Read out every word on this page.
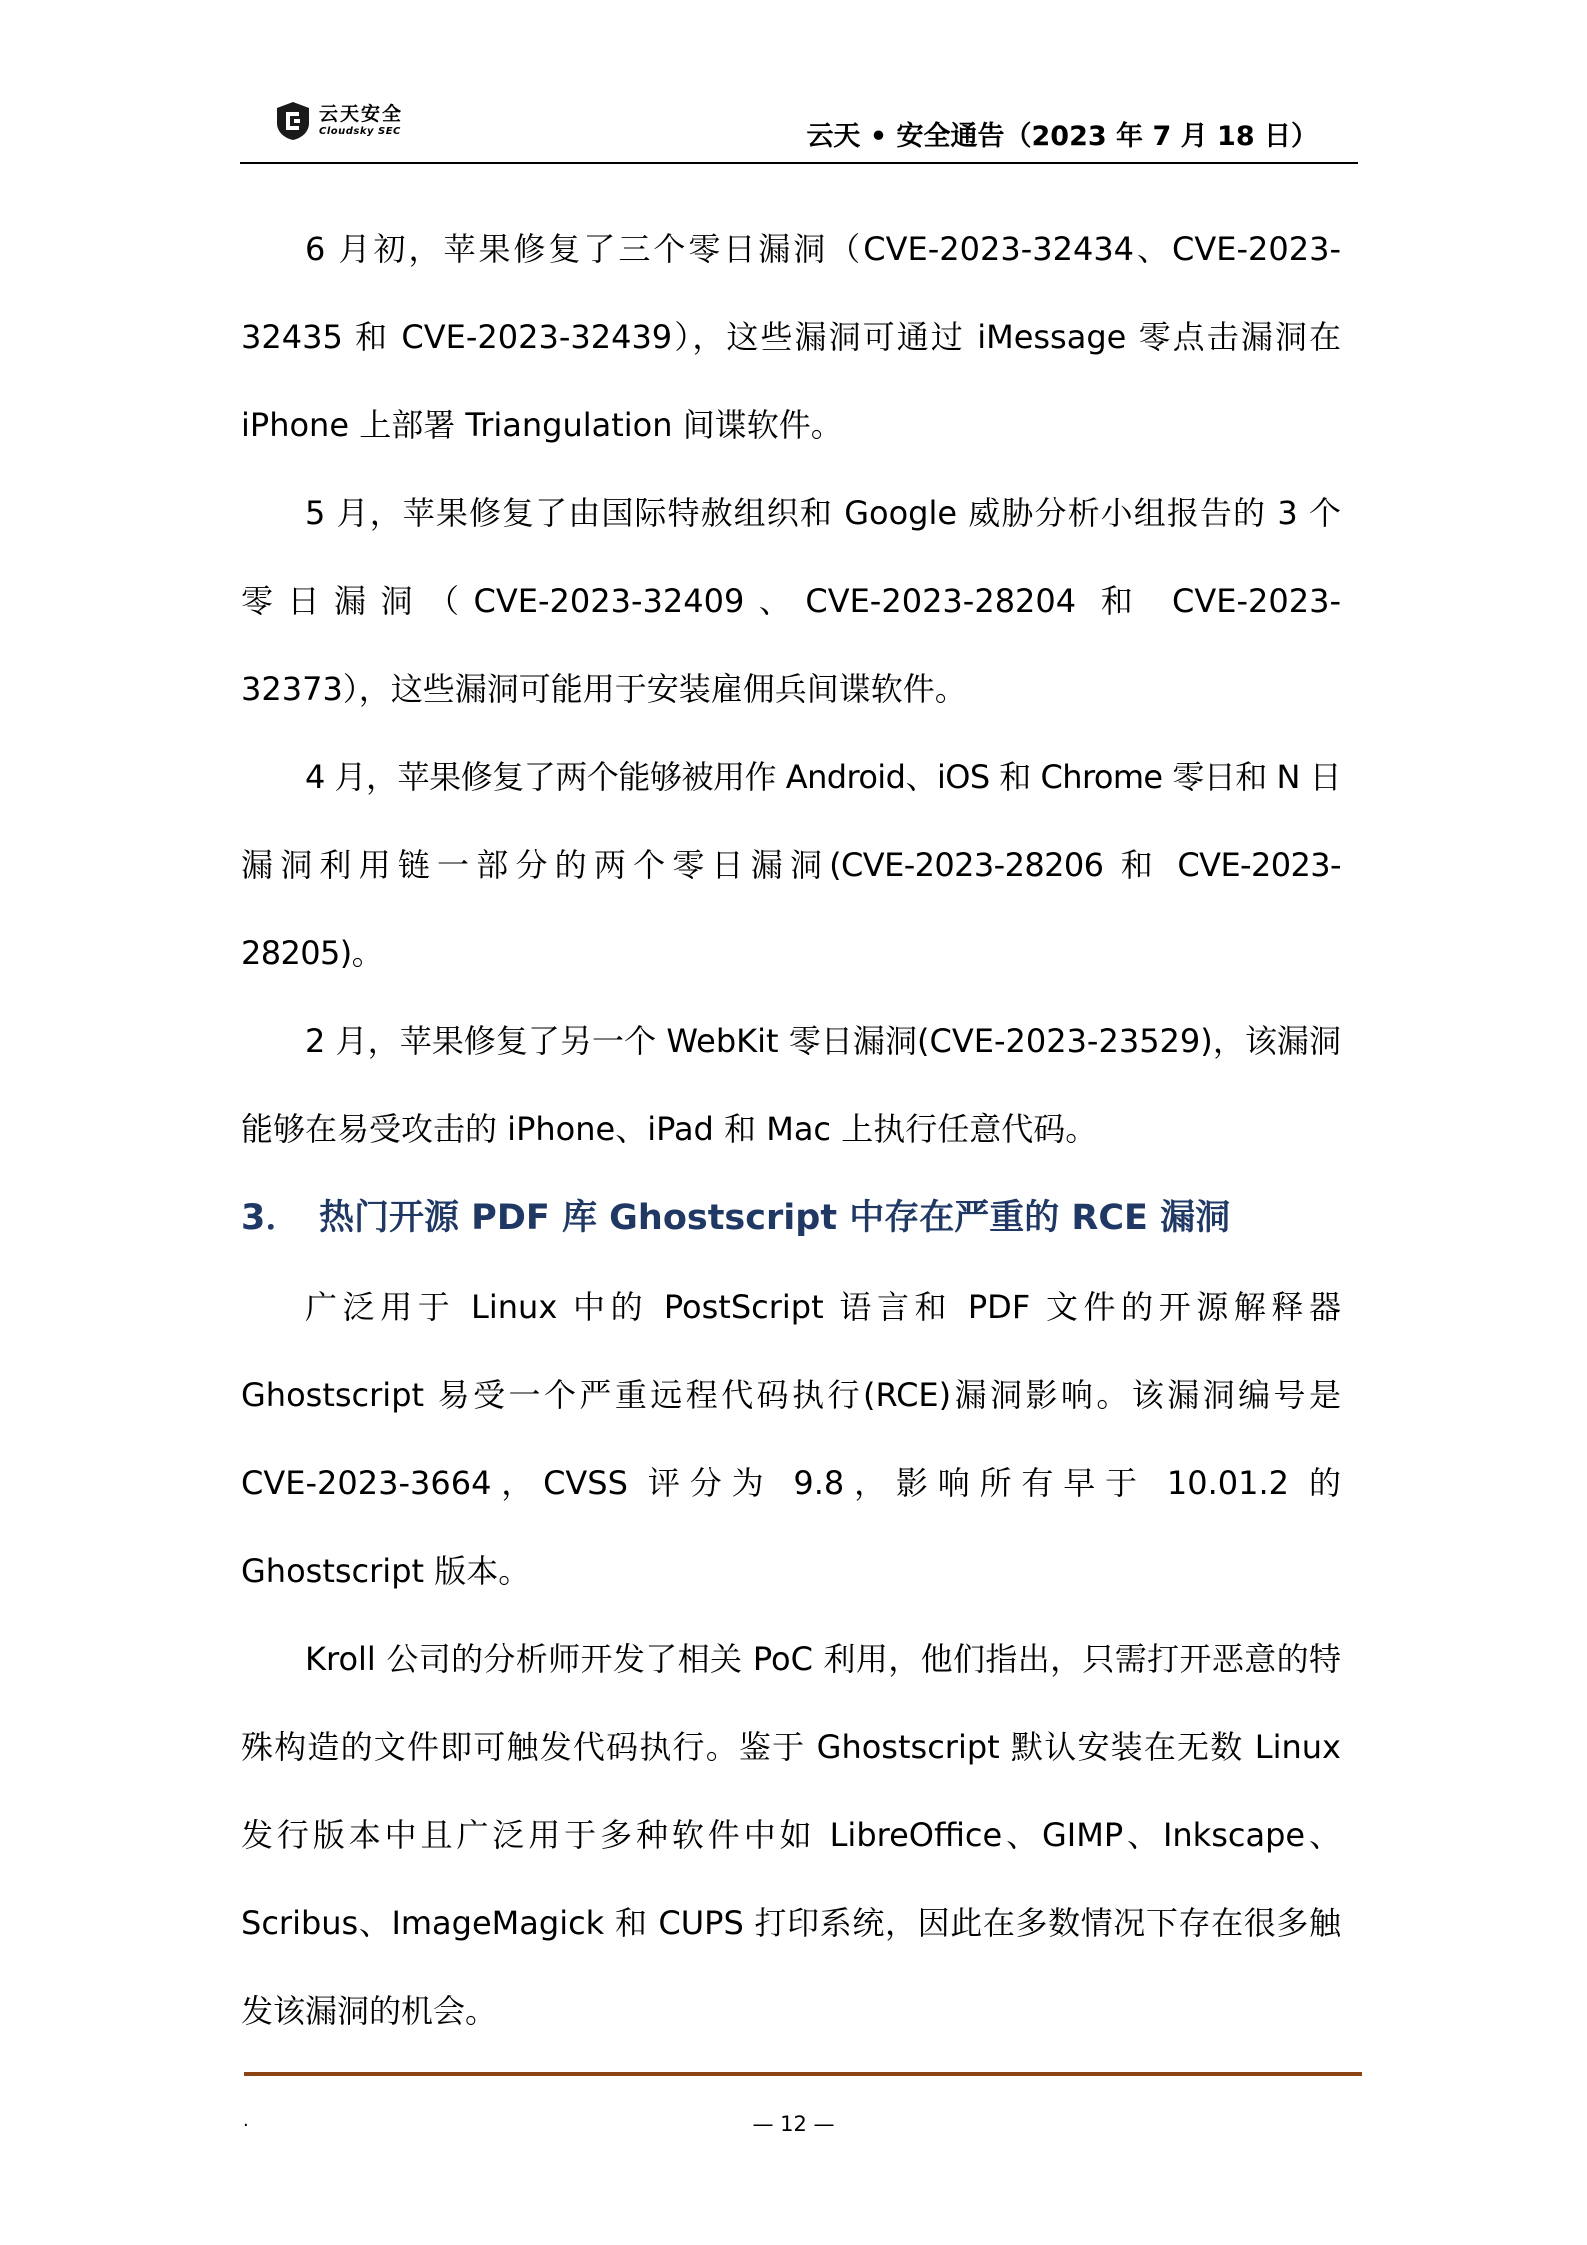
云天安全
Cloudsky SEC	云天 • 安全通告（2023 年 7 月 18 日）

6 月初，苹果修复了三个零日漏洞（CVE-2023-32434、CVE-2023-32435 和 CVE-2023-32439），这些漏洞可通过 iMessage 零点击漏洞在 iPhone 上部署 Triangulation 间谍软件。

5 月，苹果修复了由国际特赦组织和 Google 威胁分析小组报告的 3 个零日漏洞（CVE-2023-32409、CVE-2023-28204 和 CVE-2023-32373），这些漏洞可能用于安装雇佣兵间谍软件。

4 月，苹果修复了两个能够被用作 Android、iOS 和 Chrome 零日和 N 日漏洞利用链一部分的两个零日漏洞(CVE-2023-28206 和 CVE-2023-28205)。

2 月，苹果修复了另一个 WebKit 零日漏洞(CVE-2023-23529)，该漏洞能够在易受攻击的 iPhone、iPad 和 Mac 上执行任意代码。

3． 热门开源 PDF 库 Ghostscript 中存在严重的 RCE 漏洞

广泛用于 Linux 中的 PostScript 语言和 PDF 文件的开源解释器 Ghostscript 易受一个严重远程代码执行(RCE)漏洞影响。该漏洞编号是 CVE-2023-3664，CVSS 评分为 9.8，影响所有早于 10.01.2 的 Ghostscript 版本。

Kroll 公司的分析师开发了相关 PoC 利用，他们指出，只需打开恶意的特殊构造的文件即可触发代码执行。鉴于 Ghostscript 默认安装在无数 Linux 发行版本中且广泛用于多种软件中如 LibreOffice、GIMP、Inkscape、Scribus、ImageMagick 和 CUPS 打印系统，因此在多数情况下存在很多触发该漏洞的机会。

.	— 12 —
